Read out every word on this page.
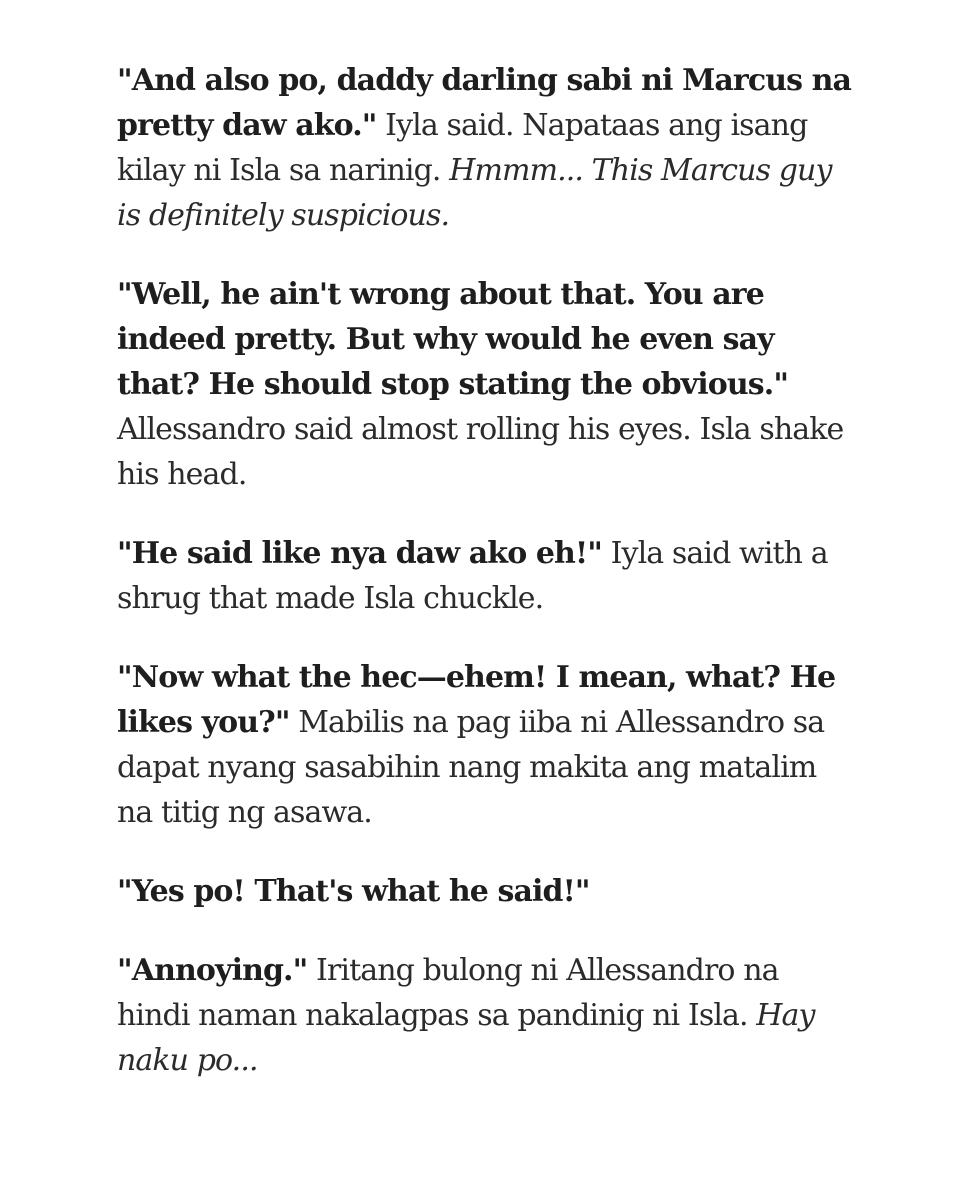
"And also po, daddy darling sabi ni Marcus na pretty daw ako." Iyla said. Napataas ang isang kilay ni Isla sa narinig. Hmmm... This Marcus guy is definitely suspicious.

"Well, he ain't wrong about that. You are indeed pretty. But why would he even say that? He should stop stating the obvious." Allessandro said almost rolling his eyes. Isla shake his head.

"He said like nya daw ako eh!" Iyla said with a shrug that made Isla chuckle.

"Now what the hec—ehem! I mean, what? He likes you?" Mabilis na pag iiba ni Allessandro sa dapat nyang sasabihin nang makita ang matalim na titig ng asawa.

"Yes po! That's what he said!"

"Annoying." Iritang bulong ni Allessandro na hindi naman nakalagpas sa pandinig ni Isla. Hay naku po...
